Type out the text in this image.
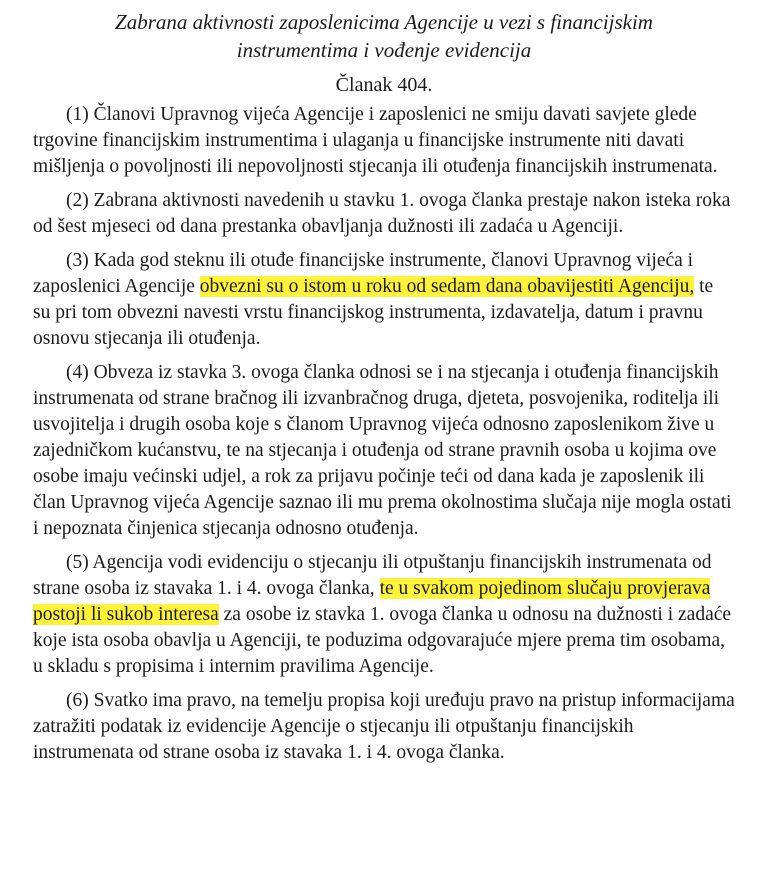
Zabrana aktivnosti zaposlenicima Agencije u vezi s financijskim
instrumentima i vođenje evidencija

Članak 404.

(1) Članovi Upravnog vijeća Agencije i zaposlenici ne smiju davati savjete glede trgovine financijskim instrumentima i ulaganja u financijske instrumente niti davati mišljenja o povoljnosti ili nepovoljnosti stjecanja ili otuđenja financijskih instrumenata.

(2) Zabrana aktivnosti navedenih u stavku 1. ovoga članka prestaje nakon isteka roka od šest mjeseci od dana prestanka obavljanja dužnosti ili zadaća u Agenciji.

(3) Kada god steknu ili otuđe financijske instrumente, članovi Upravnog vijeća i zaposlenici Agencije obvezni su o istom u roku od sedam dana obavijestiti Agenciju, te su pri tom obvezni navesti vrstu financijskog instrumenta, izdavatelja, datum i pravnu osnovu stjecanja ili otuđenja.

(4) Obveza iz stavka 3. ovoga članka odnosi se i na stjecanja i otuđenja financijskih instrumenata od strane bračnog ili izvanbračnog druga, djeteta, posvojenika, roditelja ili usvojitelja i drugih osoba koje s članom Upravnog vijeća odnosno zaposlenikom žive u zajedničkom kućanstvu, te na stjecanja i otuđenja od strane pravnih osoba u kojima ove osobe imaju većinski udjel, a rok za prijavu počinje teći od dana kada je zaposlenik ili član Upravnog vijeća Agencije saznao ili mu prema okolnostima slučaja nije mogla ostati i nepoznata činjenica stjecanja odnosno otuđenja.

(5) Agencija vodi evidenciju o stjecanju ili otpuštanju financijskih instrumenata od strane osoba iz stavaka 1. i 4. ovoga članka, te u svakom pojedinom slučaju provjerava postoji li sukob interesa za osobe iz stavka 1. ovoga članka u odnosu na dužnosti i zadaće koje ista osoba obavlja u Agenciji, te poduzima odgovarajuće mjere prema tim osobama, u skladu s propisima i internim pravilima Agencije.

(6) Svatko ima pravo, na temelju propisa koji uređuju pravo na pristup informacijama zatražiti podatak iz evidencije Agencije o stjecanju ili otpuštanju financijskih instrumenata od strane osoba iz stavaka 1. i 4. ovoga članka.
